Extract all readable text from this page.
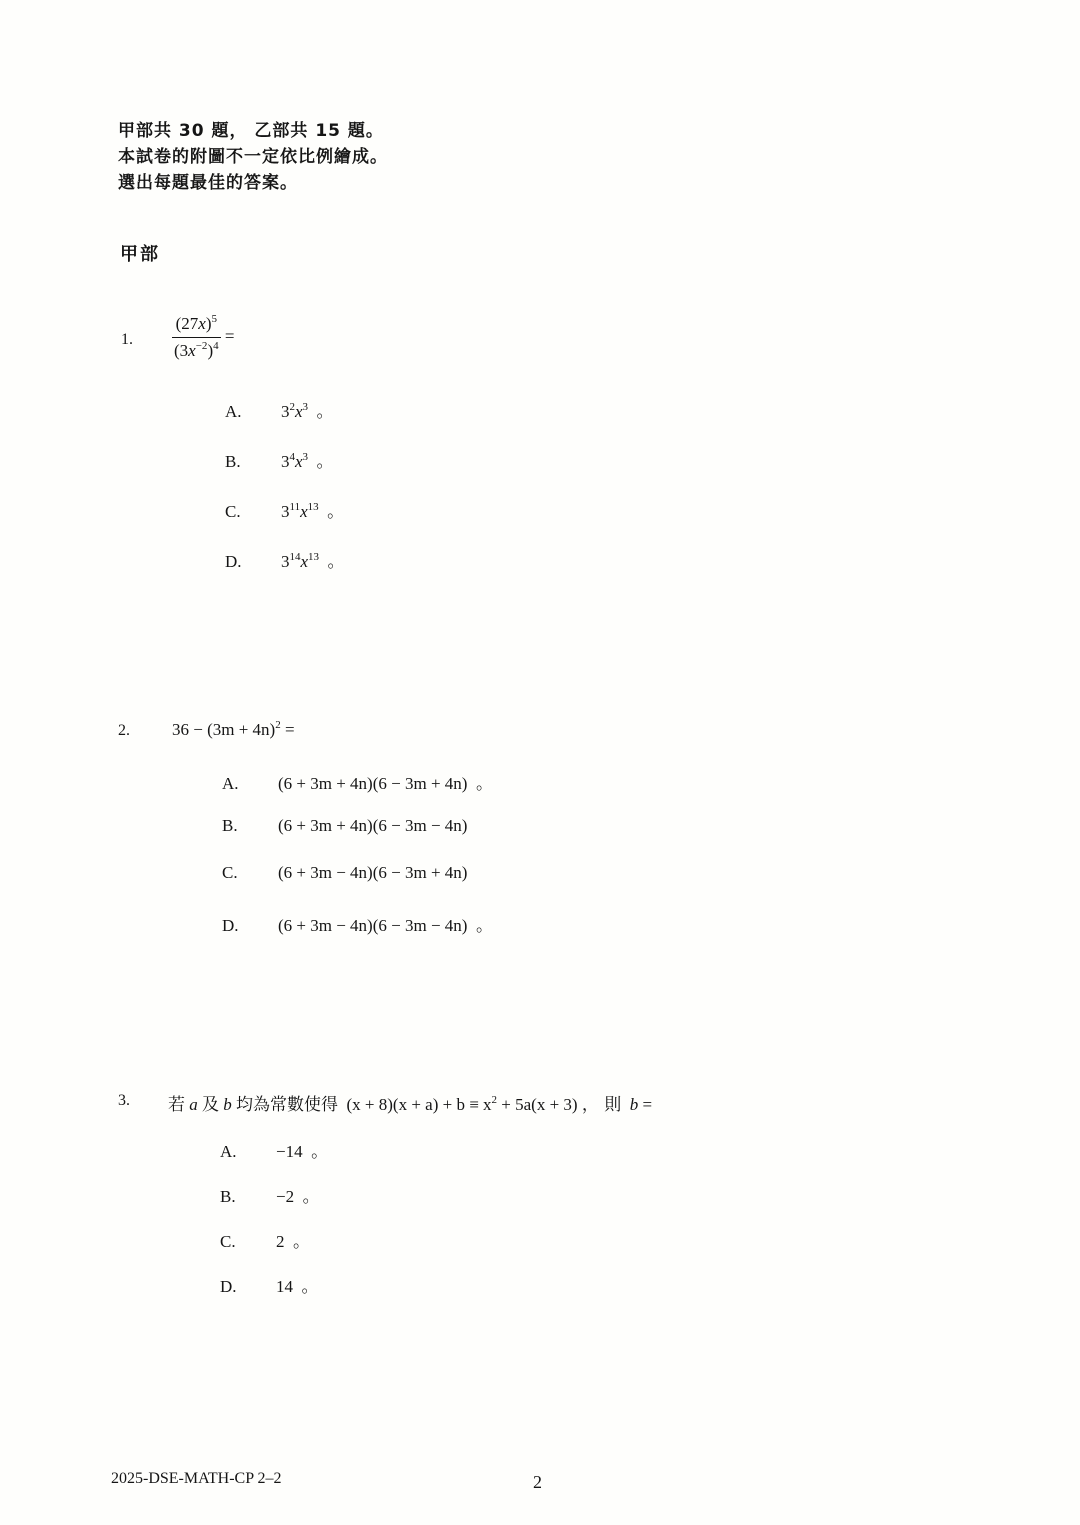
甲部共 30 題， 乙部共 15 題。
本試卷的附圖不一定依比例繪成。
選出每題最佳的答案。
甲部
1. $\frac{(27x)^5}{(3x^{-2})^4}$ =
A. $3^2x^3$ 。
B. $3^4x^3$ 。
C. $3^{11}x^{13}$ 。
D. $3^{14}x^{13}$ 。
2. $36 - (3m + 4n)^2$ =
A. (6 + 3m + 4n)(6 − 3m + 4n) 。
B. (6 + 3m + 4n)(6 − 3m − 4n)
C. (6 + 3m − 4n)(6 − 3m + 4n)
D. (6 + 3m − 4n)(6 − 3m − 4n) 。
3. 若 a 及 b 均為常數使得 $(x + 8)(x + a) + b \equiv x^2 + 5a(x + 3)$ ， 則 b =
A. −14 。
B. −2 。
C. 2 。
D. 14 。
2025-DSE-MATH-CP 2–2	2
